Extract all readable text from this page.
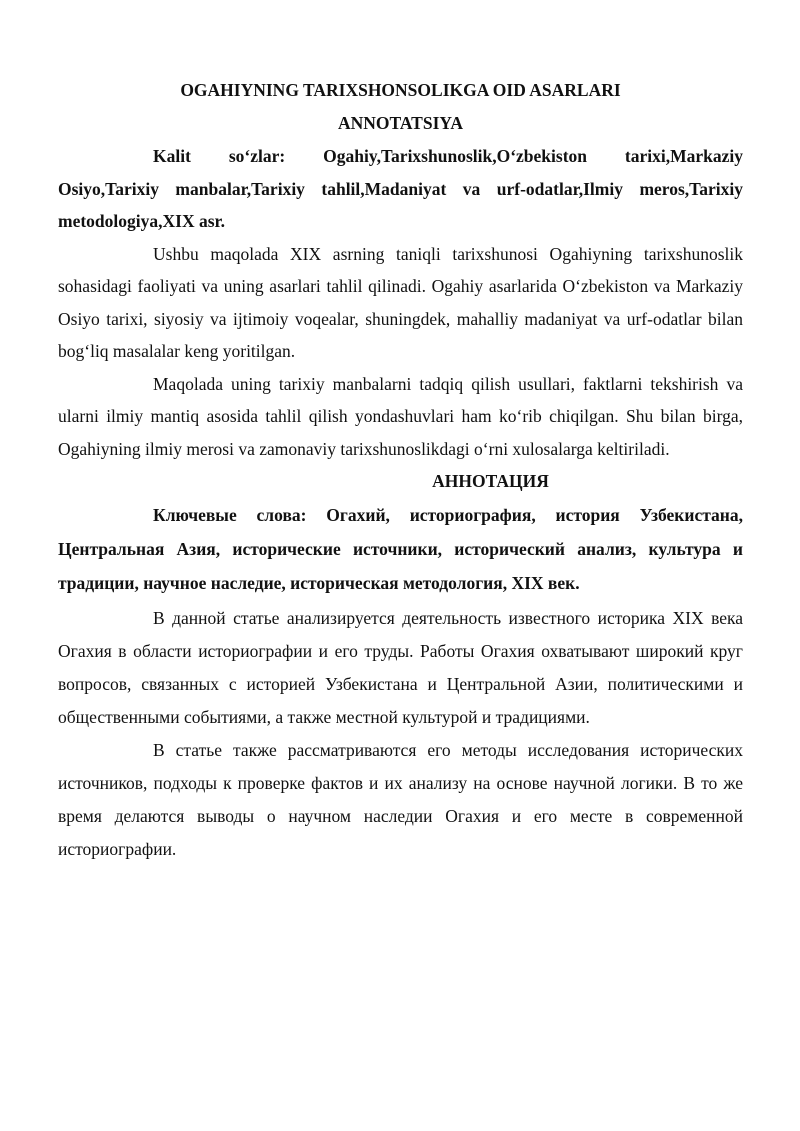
OGAHIYNING TARIXSHONSOLIKGA OID ASARLARI

ANNOTATSIYA

Kalit so‘zlar: Ogahiy,Tarixshunoslik,O‘zbekiston tarixi,Markaziy Osiyo,Tarixiy manbalar,Tarixiy tahlil,Madaniyat va urf-odatlar,Ilmiy meros,Tarixiy metodologiya,XIX asr.

Ushbu maqolada XIX asrning taniqli tarixshunosi Ogahiyning tarixshunoslik sohasidagi faoliyati va uning asarlari tahlil qilinadi. Ogahiy asarlarida O‘zbekiston va Markaziy Osiyo tarixi, siyosiy va ijtimoiy voqealar, shuningdek, mahalliy madaniyat va urf-odatlar bilan bog‘liq masalalar keng yoritilgan.

Maqolada uning tarixiy manbalarni tadqiq qilish usullari, faktlarni tekshirish va ularni ilmiy mantiq asosida tahlil qilish yondashuvlari ham ko‘rib chiqilgan. Shu bilan birga, Ogahiyning ilmiy merosi va zamonaviy tarixshunoslikdagi o‘rni xulosalarga keltiriladi.

АННОТАЦИЯ

Ключевые слова: Огахий, историография, история Узбекистана, Центральная Азия, исторические источники, исторический анализ, культура и традиции, научное наследие, историческая методология, XIX век.

В данной статье анализируется деятельность известного историка XIX века Огахия в области историографии и его труды. Работы Огахия охватывают широкий круг вопросов, связанных с историей Узбекистана и Центральной Азии, политическими и общественными событиями, а также местной культурой и традициями.

В статье также рассматриваются его методы исследования исторических источников, подходы к проверке фактов и их анализу на основе научной логики. В то же время делаются выводы о научном наследии Огахия и его месте в современной историографии.
